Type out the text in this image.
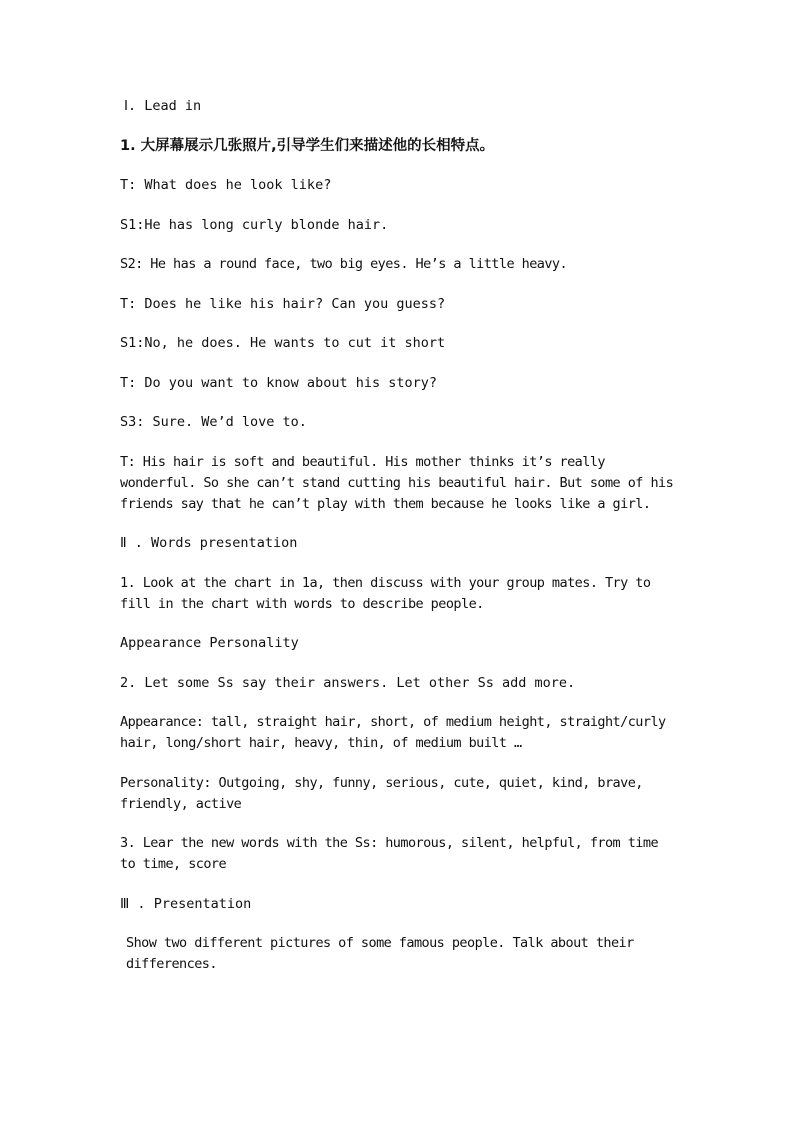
Ⅰ. Lead in

1. 大屏幕展示几张照片,引导学生们来描述他的长相特点。

T: What does he look like?

S1:He has long curly blonde hair.

S2: He has a round face, two big eyes. He’s a little heavy.

T: Does he like his hair? Can you guess?

S1:No, he does. He wants to cut it short

T: Do you want to know about his story?

S3: Sure. We’d love to.

T: His hair is soft and beautiful. His mother thinks it’s really wonderful. So she can’t stand cutting his beautiful hair. But some of his friends say that he can’t play with them because he looks like a girl.

Ⅱ . Words presentation

1. Look at the chart in 1a, then discuss with your group mates. Try to fill in the chart with words to describe people.

Appearance Personality

2. Let some Ss say their answers. Let other Ss add more.

Appearance: tall, straight hair, short, of medium height, straight/curly hair, long/short hair, heavy, thin, of medium built …

Personality: Outgoing, shy, funny, serious, cute, quiet, kind, brave, friendly, active

3. Lear the new words with the Ss: humorous, silent, helpful, from time to time, score

Ⅲ . Presentation

Show two different pictures of some famous people. Talk about their differences.
